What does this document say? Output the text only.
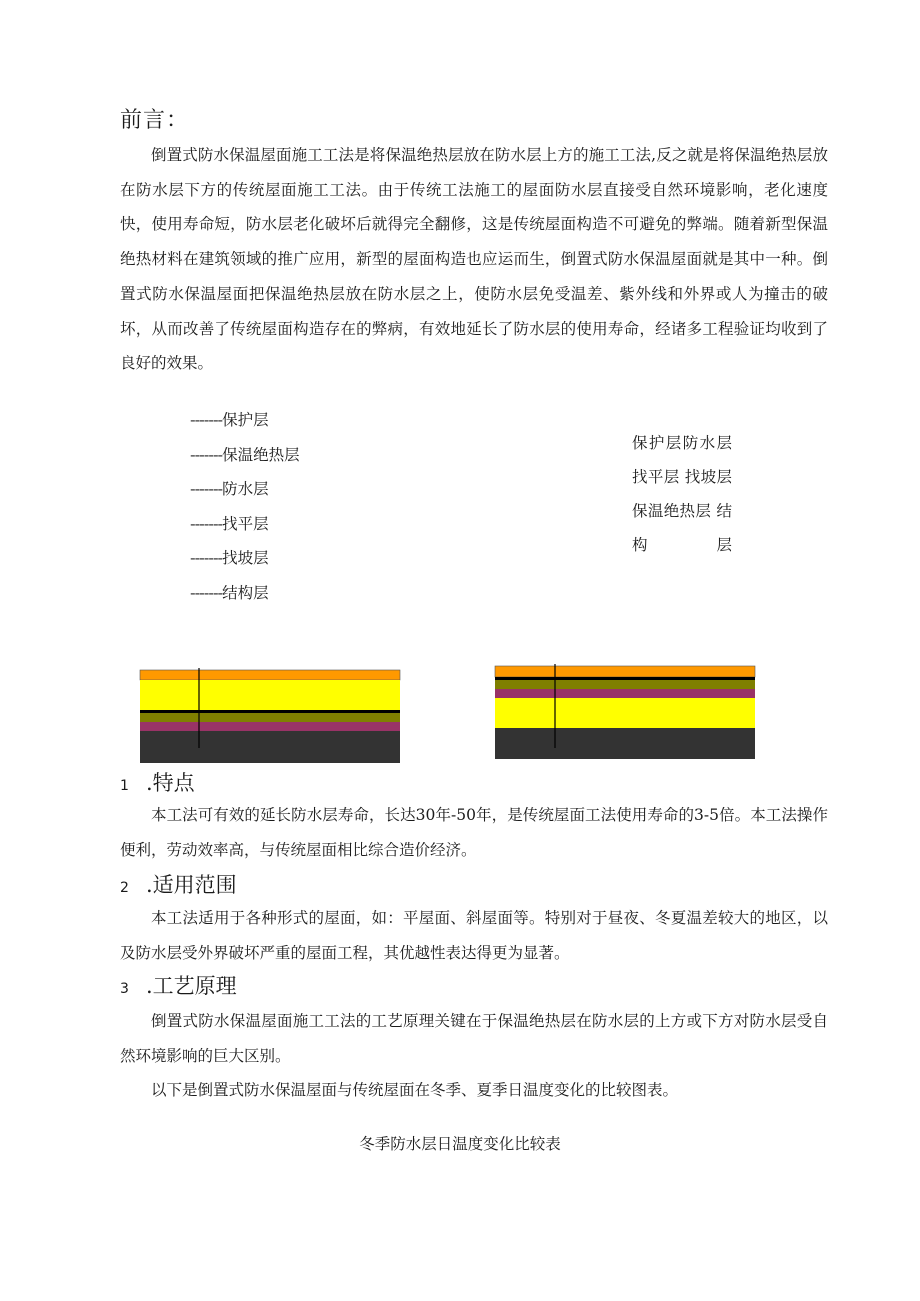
前言：

倒置式防水保温屋面施工工法是将保温绝热层放在防水层上方的施工工法,反之就是将保温绝热层放在防水层下方的传统屋面施工工法。由于传统工法施工的屋面防水层直接受自然环境影响，老化速度快，使用寿命短，防水层老化破坏后就得完全翻修，这是传统屋面构造不可避免的弊端。随着新型保温绝热材料在建筑领域的推广应用，新型的屋面构造也应运而生，倒置式防水保温屋面就是其中一种。倒置式防水保温屋面把保温绝热层放在防水层之上，使防水层免受温差、紫外线和外界或人为撞击的破坏，从而改善了传统屋面构造存在的弊病，有效地延长了防水层的使用寿命，经诸多工程验证均收到了良好的效果。

-------保护层
-------保温绝热层
-------防水层
-------找平层
-------找坡层
-------结构层
保护层防水层 找平层 找坡层 保温绝热层 结构层
1 .特点

本工法可有效的延长防水层寿命，长达30年-50年，是传统屋面工法使用寿命的3-5倍。本工法操作便利，劳动效率高，与传统屋面相比综合造价经济。

2 .适用范围

本工法适用于各种形式的屋面，如：平屋面、斜屋面等。特别对于昼夜、冬夏温差较大的地区，以及防水层受外界破坏严重的屋面工程，其优越性表达得更为显著。

3 .工艺原理

倒置式防水保温屋面施工工法的工艺原理关键在于保温绝热层在防水层的上方或下方对防水层受自然环境影响的巨大区别。

以下是倒置式防水保温屋面与传统屋面在冬季、夏季日温度变化的比较图表。

冬季防水层日温度变化比较表
